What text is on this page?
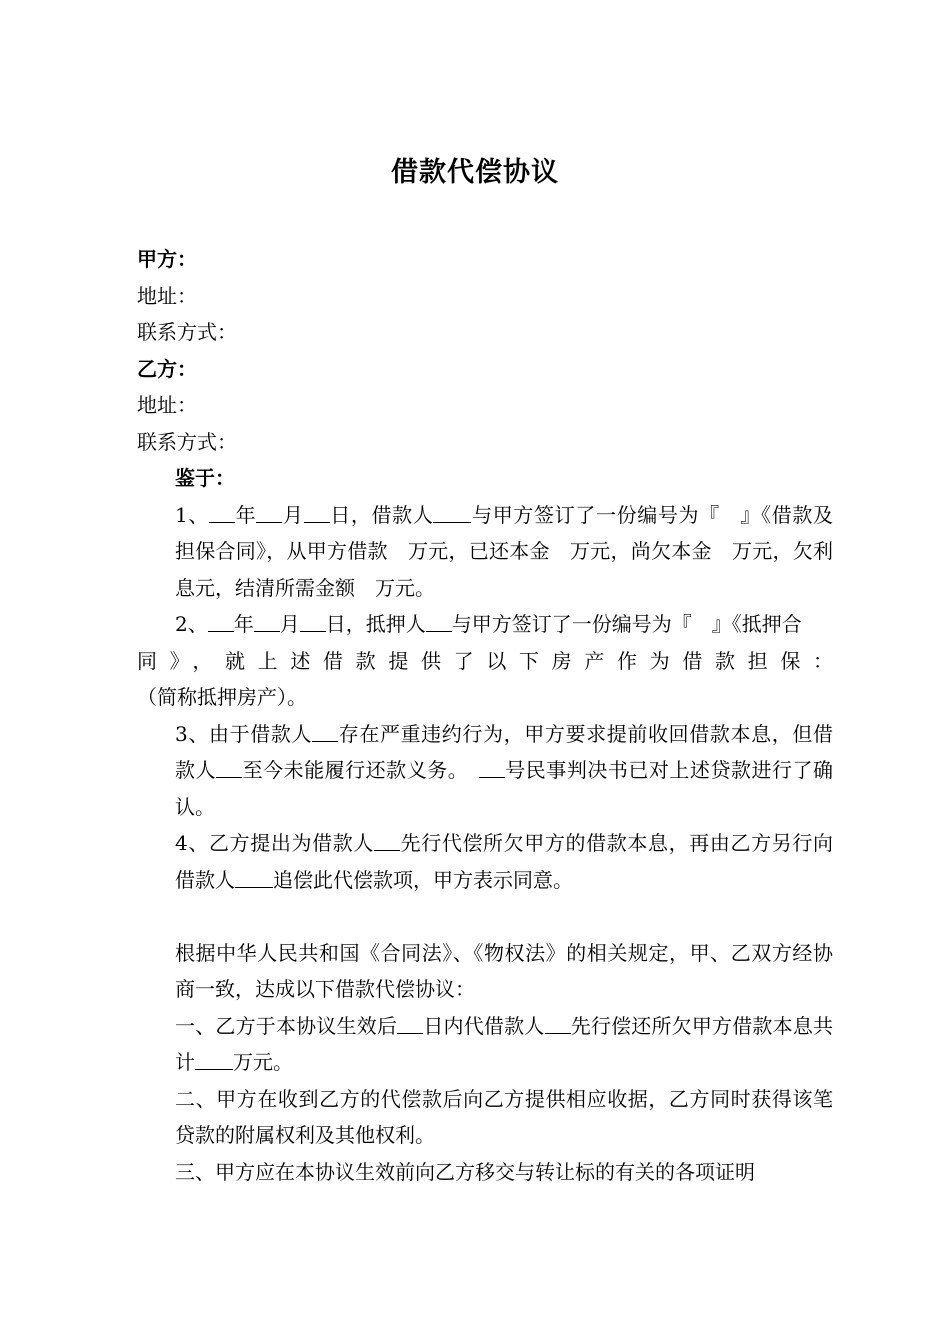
借款代偿协议
甲方：
地址：
联系方式：
乙方：
地址：
联系方式：
鉴于：
1、 年 月 日，借款人 与甲方签订了一份编号为『　』《借款及担保合同》，从甲方借款　万元，已还本金　万元，尚欠本金　万元，欠利息元，结清所需金额　万元。
2、 年 月 日，抵押人 与甲方签订了一份编号为『　』《抵押合
同》，就上述借款提供了以下房产作为借款担保：
（简称抵押房产）。
3、由于借款人 存在严重违约行为，甲方要求提前收回借款本息，但借款人 至今未能履行还款义务。　号民事判决书已对上述贷款进行了确认。
4、乙方提出为借款人 先行代偿所欠甲方的借款本息，再由乙方另行向借款人 追偿此代偿款项，甲方表示同意。
根据中华人民共和国《合同法》、《物权法》的相关规定，甲、乙双方经协商一致，达成以下借款代偿协议：
一、乙方于本协议生效后 日内代借款人 先行偿还所欠甲方借款本息共计 万元。
二、甲方在收到乙方的代偿款后向乙方提供相应收据，乙方同时获得该笔贷款的附属权利及其他权利。
三、甲方应在本协议生效前向乙方移交与转让标的有关的各项证明
